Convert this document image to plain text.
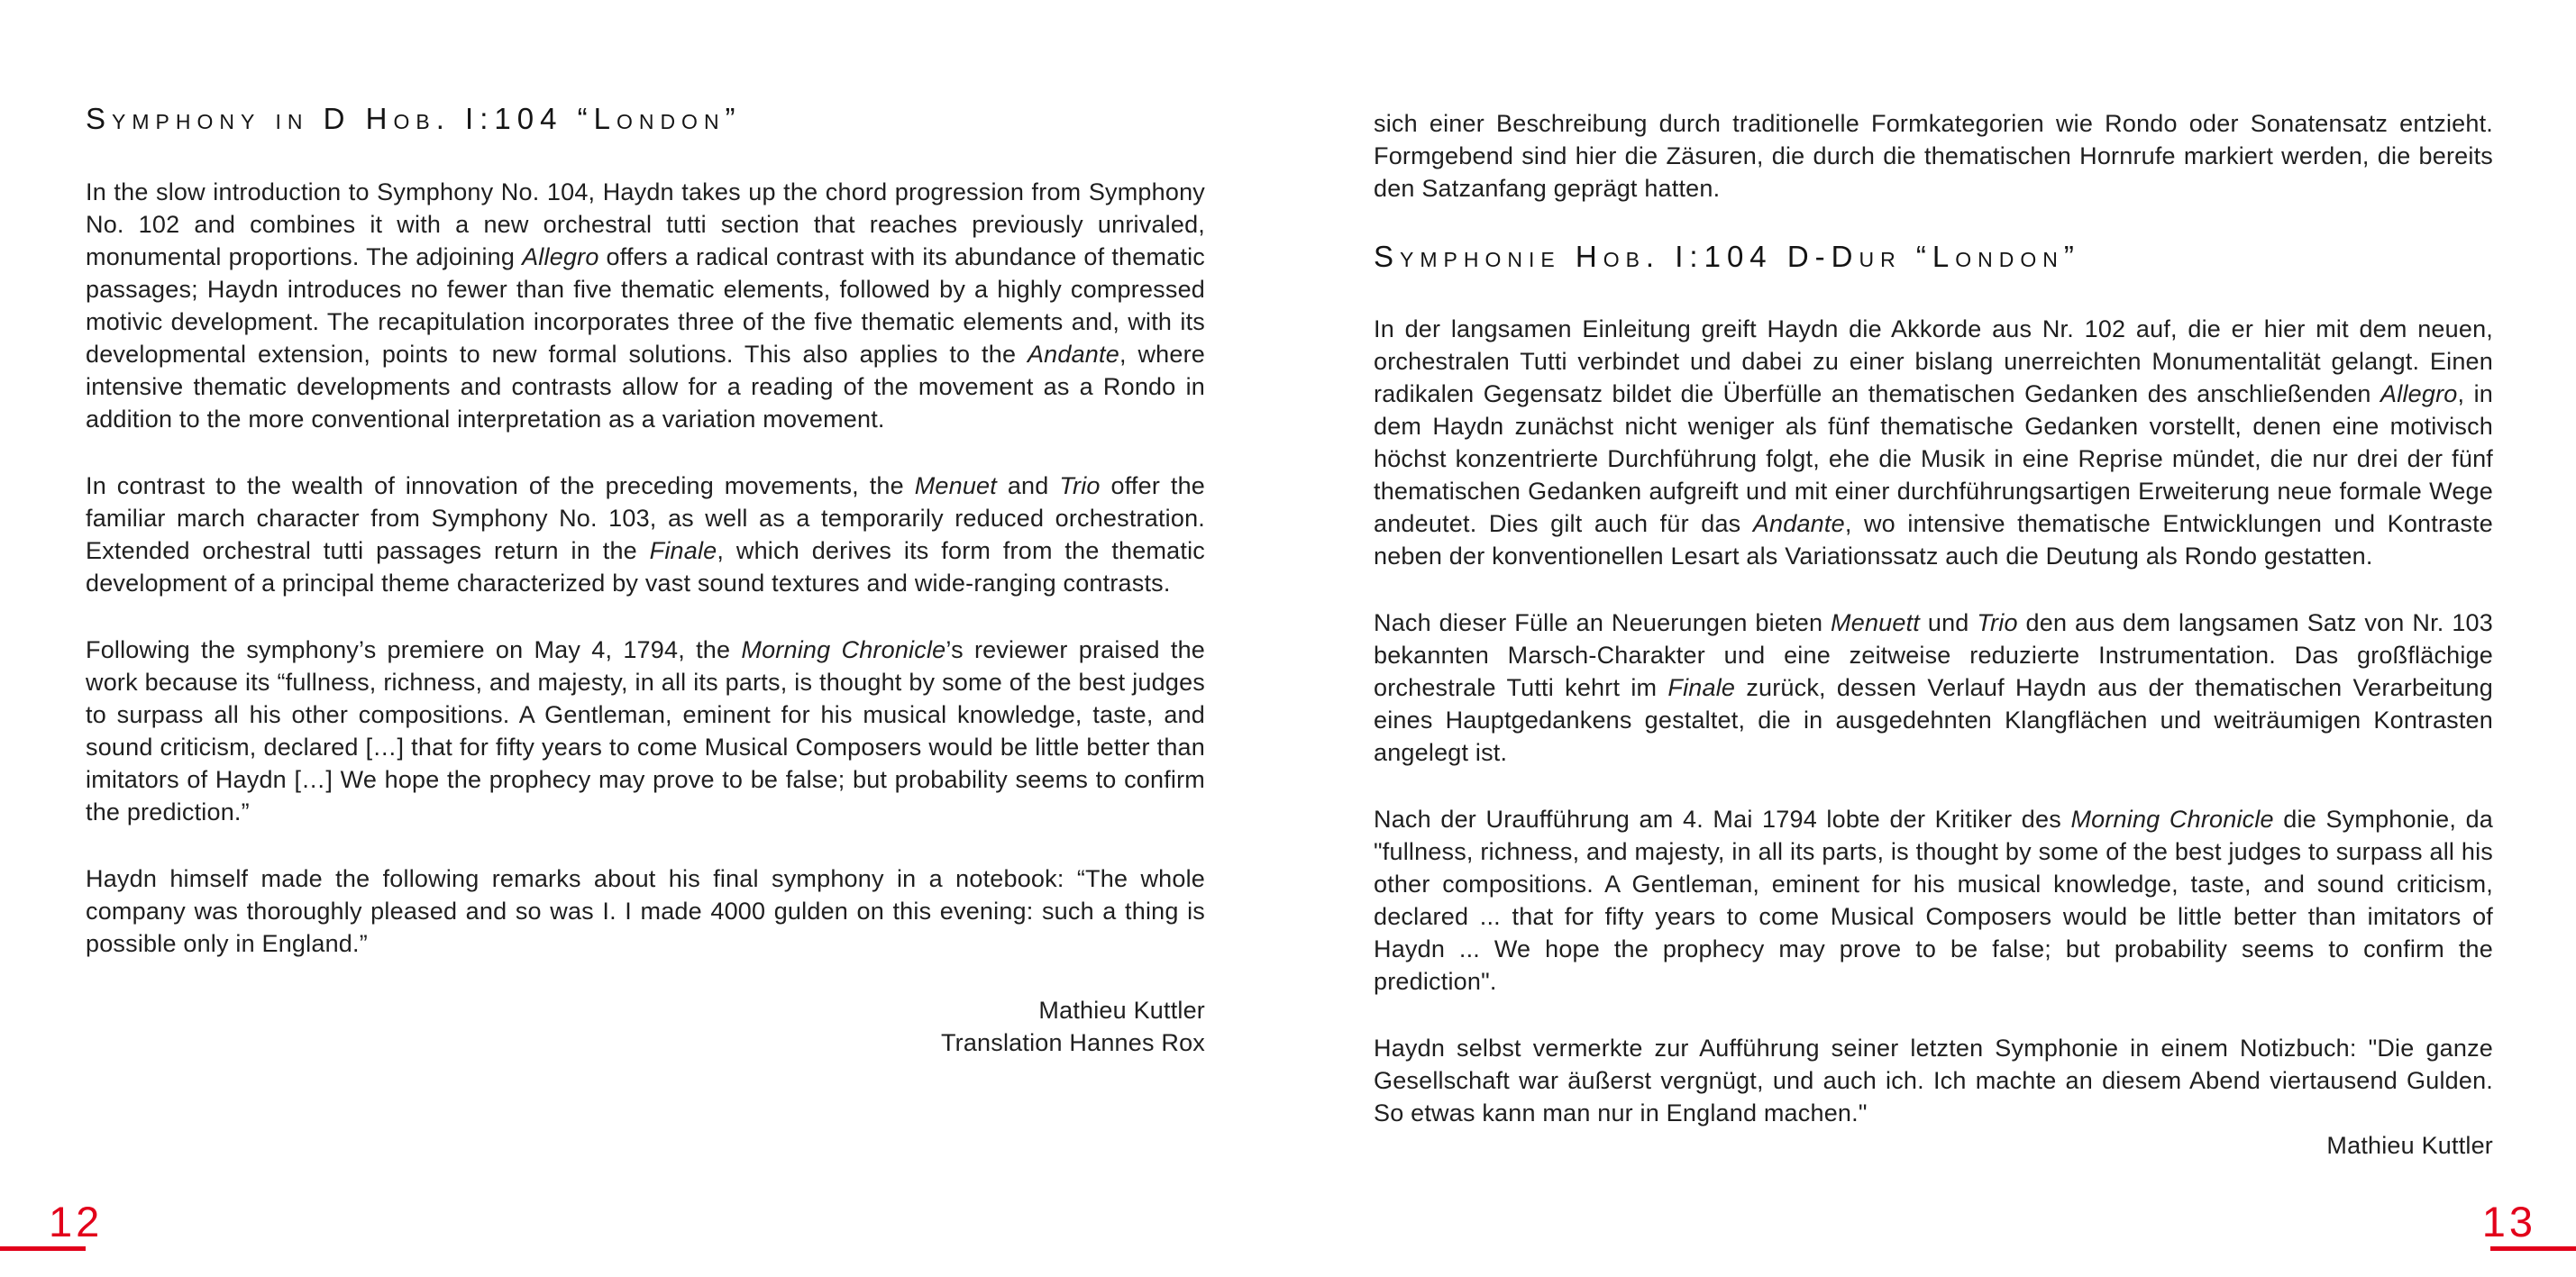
Symphony in D Hob. I:104 “London”

In the slow introduction to Symphony No. 104, Haydn takes up the chord progression from Symphony No. 102 and combines it with a new orchestral tutti section that reaches previously unrivaled, monumental proportions. The adjoining Allegro offers a radical contrast with its abundance of thematic passages; Haydn introduces no fewer than five thematic elements, followed by a highly compressed motivic development. The recapitulation incorporates three of the five thematic elements and, with its developmental extension, points to new formal solutions. This also applies to the Andante, where intensive thematic developments and contrasts allow for a reading of the movement as a Rondo in addition to the more conventional interpretation as a variation movement.

In contrast to the wealth of innovation of the preceding movements, the Menuet and Trio offer the familiar march character from Symphony No. 103, as well as a temporarily reduced orchestration. Extended orchestral tutti passages return in the Finale, which derives its form from the thematic development of a principal theme characterized by vast sound textures and wide-ranging contrasts.

Following the symphony’s premiere on May 4, 1794, the Morning Chronicle’s reviewer praised the work because its “fullness, richness, and majesty, in all its parts, is thought by some of the best judges to surpass all his other compositions. A Gentleman, eminent for his musical knowledge, taste, and sound criticism, declared […] that for fifty years to come Musical Composers would be little better than imitators of Haydn […] We hope the prophecy may prove to be false; but probability seems to confirm the prediction.”

Haydn himself made the following remarks about his final symphony in a notebook: “The whole company was thoroughly pleased and so was I. I made 4000 gulden on this evening: such a thing is possible only in England.”

Mathieu Kuttler
Translation Hannes Rox

sich einer Beschreibung durch traditionelle Formkategorien wie Rondo oder Sonatensatz entzieht. Formgebend sind hier die Zäsuren, die durch die thematischen Hornrufe markiert werden, die bereits den Satzanfang geprägt hatten.

Symphonie Hob. I:104 D-Dur “London”

In der langsamen Einleitung greift Haydn die Akkorde aus Nr. 102 auf, die er hier mit dem neuen, orchestralen Tutti verbindet und dabei zu einer bislang unerreichten Monumentalität gelangt. Einen radikalen Gegensatz bildet die Überfülle an thematischen Gedanken des anschließenden Allegro, in dem Haydn zunächst nicht weniger als fünf thematische Gedanken vorstellt, denen eine motivisch höchst konzentrierte Durchführung folgt, ehe die Musik in eine Reprise mündet, die nur drei der fünf thematischen Gedanken aufgreift und mit einer durchführungsartigen Erweiterung neue formale Wege andeutet. Dies gilt auch für das Andante, wo intensive thematische Entwicklungen und Kontraste neben der konventionellen Lesart als Variationssatz auch die Deutung als Rondo gestatten.

Nach dieser Fülle an Neuerungen bieten Menuett und Trio den aus dem langsamen Satz von Nr. 103 bekannten Marsch-Charakter und eine zeitweise reduzierte Instrumentation. Das großflächige orchestrale Tutti kehrt im Finale zurück, dessen Verlauf Haydn aus der thematischen Verarbeitung eines Hauptgedankens gestaltet, die in ausgedehnten Klangflächen und weiträumigen Kontrasten angelegt ist.

Nach der Uraufführung am 4. Mai 1794 lobte der Kritiker des Morning Chronicle die Symphonie, da "fullness, richness, and majesty, in all its parts, is thought by some of the best judges to surpass all his other compositions. A Gentleman, eminent for his musical knowledge, taste, and sound criticism, declared ... that for fifty years to come Musical Composers would be little better than imitators of Haydn ... We hope the prophecy may prove to be false; but probability seems to confirm the prediction".

Haydn selbst vermerkte zur Aufführung seiner letzten Symphonie in einem Notizbuch: "Die ganze Gesellschaft war äußerst vergnügt, und auch ich. Ich machte an diesem Abend viertausend Gulden. So etwas kann man nur in England machen."

Mathieu Kuttler
12	13
